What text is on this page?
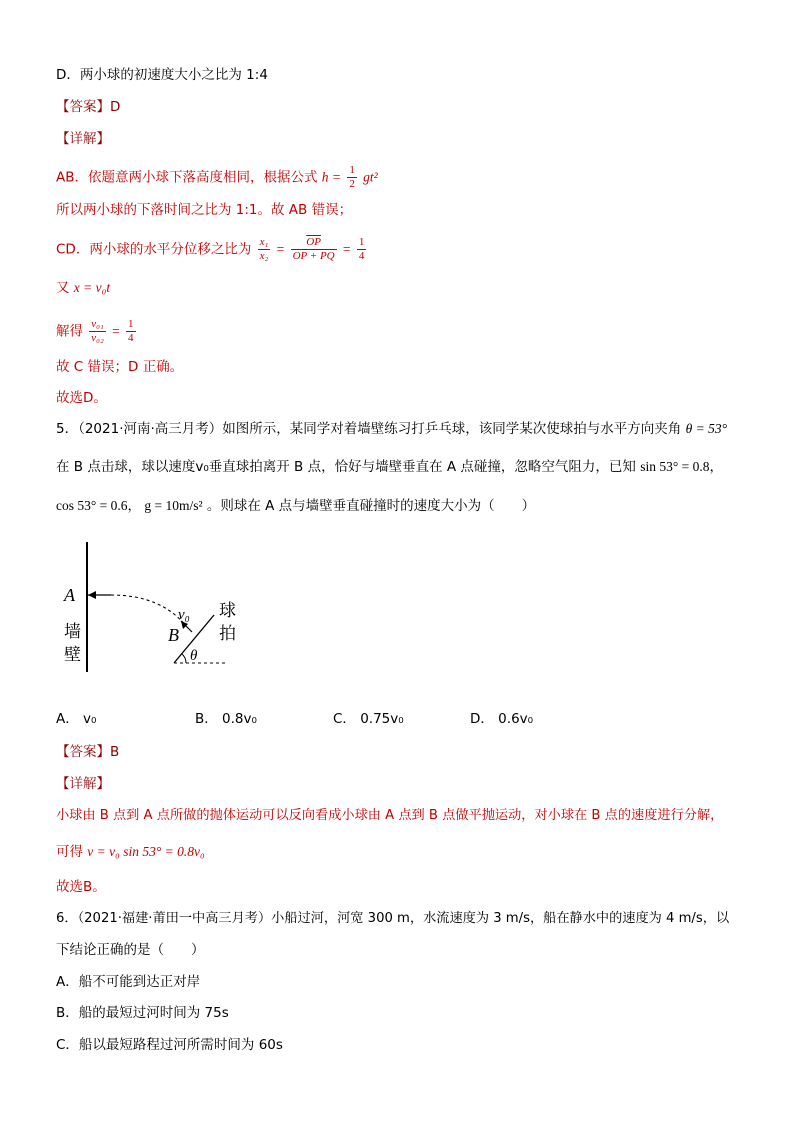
D．两小球的初速度大小之比为 1:4
【答案】D
【详解】
AB．依题意两小球下落高度相同，根据公式 $h = \frac{1}{2} gt^2$
所以两小球的下落时间之比为 1:1。故 AB 错误；
CD．两小球的水平分位移之比为 $\frac{\text{x₁}}{\text{x₂}} = \frac{\overline{OP}}{OP + PQ} = \frac{1}{4}$
又 x = v₀t
解得 $\frac{\text{v₀₁}}{\text{v₀₂}} = \frac{1}{4}$
故 C 错误；D 正确。
故选D。
5．（2021·河南·高三月考）如图所示，某同学对着墙壁练习打乒乓球，该同学某次使球拍与水平方向夹角 θ = 53°
在 B 点击球，球以速度v₀垂直球拍离开 B 点，恰好与墙壁垂直在 A 点碰撞，忽略空气阻力，已知 sin 53° = 0.8，
cos 53° = 0.6， g = 10m/s² 。则球在 A 点与墙壁垂直碰撞时的速度大小为（　　）
A
墙
壁
B
v₀ 球
拍
θ
A． v₀	B． 0.8v₀	C． 0.75v₀	D． 0.6v₀
【答案】B
【详解】
小球由 B 点到 A 点所做的抛体运动可以反向看成小球由 A 点到 B 点做平抛运动，对小球在 B 点的速度进行分解，
可得 v = v₀ sin 53° = 0.8v₀
故选B。
6．（2021·福建·莆田一中高三月考）小船过河，河宽 300 m，水流速度为 3 m/s，船在静水中的速度为 4 m/s，以
下结论正确的是（　　）
A．船不可能到达正对岸
B．船的最短过河时间为 75s
C．船以最短路程过河所需时间为 60s
